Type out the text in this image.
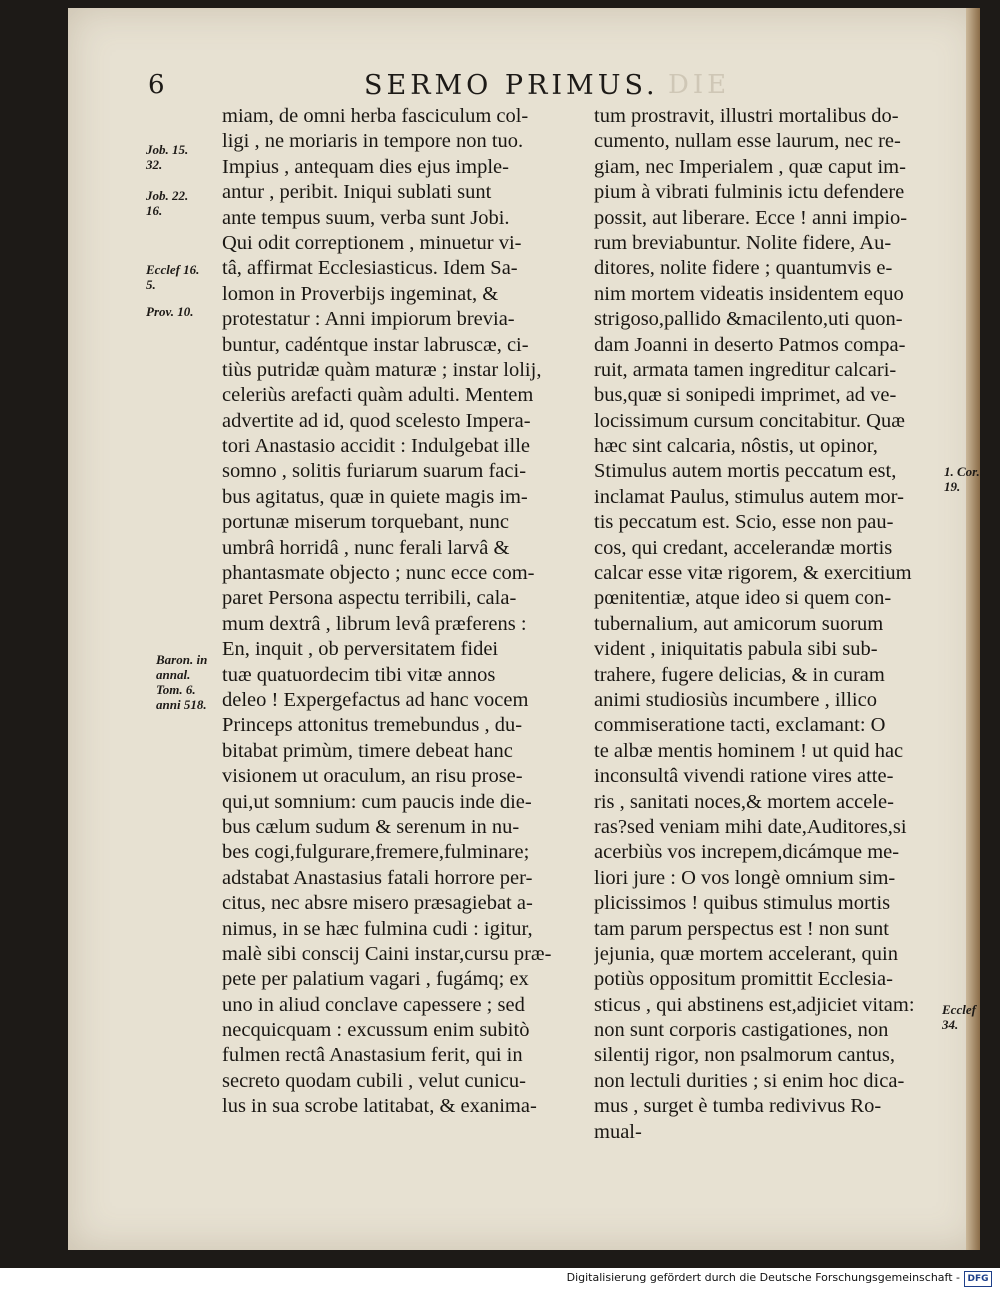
6	SERMO PRIMUS. DIE
miam, de omni herba fasciculum col-
ligi , ne moriaris in tempore non tuo.
Impius , antequam dies ejus imple-
antur , peribit. Iniqui sublati sunt
ante tempus suum, verba sunt Jobi.
Qui odit correptionem , minuetur vi-
tâ, affirmat Ecclesiasticus. Idem Sa-
lomon in Proverbijs ingeminat, &
protestatur : Anni impiorum brevia-
buntur, cadéntque instar labruscæ, ci-
tiùs putridæ quàm maturæ ; instar lolij,
celeriùs arefacti quàm adulti. Mentem
advertite ad id, quod scelesto Impera-
tori Anastasio accidit : Indulgebat ille
somno , solitis furiarum suarum faci-
bus agitatus, quæ in quiete magis im-
portunæ miserum torquebant, nunc
umbrâ horridâ , nunc ferali larvâ &
phantasmate objecto ; nunc ecce com-
paret Persona aspectu terribili, cala-
mum dextrâ , librum levâ præferens :
En, inquit , ob perversitatem fidei
tuæ quatuordecim tibi vitæ annos
deleo ! Expergefactus ad hanc vocem
Princeps attonitus tremebundus , du-
bitabat primùm, timere debeat hanc
visionem ut oraculum, an risu prose-
qui,ut somnium: cum paucis inde die-
bus cælum sudum & serenum in nu-
bes cogi,fulgurare,fremere,fulminare;
adstabat Anastasius fatali horrore per-
citus, nec absre misero præsagiebat a-
nimus, in se hæc fulmina cudi : igitur,
malè sibi conscij Caini instar,cursu præ-
pete per palatium vagari , fugámq; ex
uno in aliud conclave capessere ; sed
necquicquam : excussum enim subitò
fulmen rectâ Anastasium ferit, qui in
secreto quodam cubili , velut cunicu-
lus in sua scrobe latitabat, & exanima-
tum prostravit, illustri mortalibus do-
cumento, nullam esse laurum, nec re-
giam, nec Imperialem , quæ caput im-
pium à vibrati fulminis ictu defendere
possit, aut liberare. Ecce ! anni impio-
rum breviabuntur. Nolite fidere, Au-
ditores, nolite fidere ; quantumvis e-
nim mortem videatis insidentem equo
strigoso,pallido &macilento,uti quon-
dam Joanni in deserto Patmos compa-
ruit, armata tamen ingreditur calcari-
bus,quæ si sonipedi imprimet, ad ve-
locissimum cursum concitabitur. Quæ
hæc sint calcaria, nôstis, ut opinor,
Stimulus autem mortis peccatum est,
inclamat Paulus, stimulus autem mor-
tis peccatum est. Scio, esse non pau-
cos, qui credant, accelerandæ mortis
calcar esse vitæ rigorem, & exercitium
pœnitentiæ, atque ideo si quem con-
tubernalium, aut amicorum suorum
vident , iniquitatis pabula sibi sub-
trahere, fugere delicias, & in curam
animi studiosiùs incumbere , illico
commiseratione tacti, exclamant: O
te albæ mentis hominem ! ut quid hac
inconsultâ vivendi ratione vires atte-
ris , sanitati noces,& mortem accele-
ras?sed veniam mihi date,Auditores,si
acerbiùs vos increpem,dicámque me-
liori jure : O vos longè omnium sim-
plicissimos ! quibus stimulus mortis
tam parum perspectus est ! non sunt
jejunia, quæ mortem accelerant, quin
potiùs oppositum promittit Ecclesia-
sticus , qui abstinens est,adjiciet vitam:
non sunt corporis castigationes, non
silentij rigor, non psalmorum cantus,
non lectuli durities ; si enim hoc dica-
mus , surget è tumba redivivus Ro-
mual-
Job. 15.
32.
Job. 22.
16.
Ecclef 16.
5.
Prov. 10.
Baron. in
annal.
Tom. 6.
anni 518.
1. Cor.
19.
Ecclef
34.
Digitalisierung gefördert durch die Deutsche Forschungsgemeinschaft - DFG
